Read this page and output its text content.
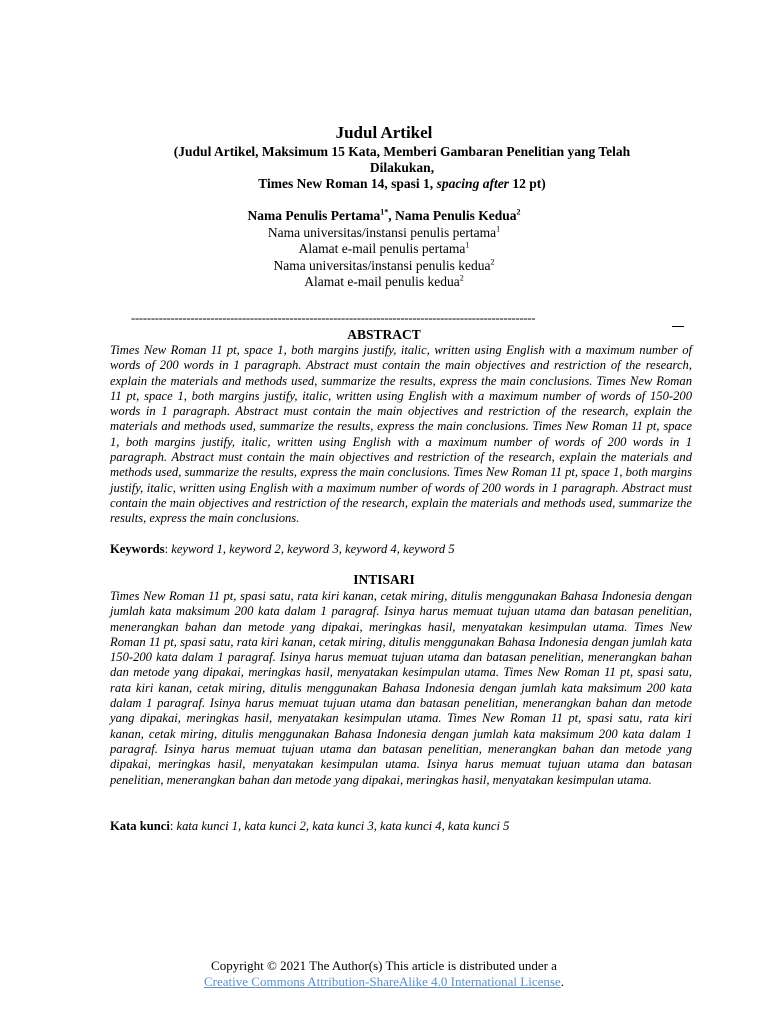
Judul Artikel
(Judul Artikel, Maksimum 15 Kata, Memberi Gambaran Penelitian yang Telah
Dilakukan,
Times New Roman 14, spasi 1, spacing after 12 pt)
Nama Penulis Pertama$^{1*}$, Nama Penulis Kedua$^2$
Nama universitas/instansi penulis pertama$^1$
Alamat e-mail penulis pertama$^1$
Nama universitas/instansi penulis kedua$^2$
Alamat e-mail penulis kedua$^2$
------------------------------------------------------------------------------------------------------
ABSTRACT
Times New Roman 11 pt, space 1, both margins justify, italic, written using English with a maximum number of words of 200 words in 1 paragraph. Abstract must contain the main objectives and restriction of the research, explain the materials and methods used, summarize the results, express the main conclusions. Times New Roman 11 pt, space 1, both margins justify, italic, written using English with a maximum number of words of 150-200 words in 1 paragraph. Abstract must contain the main objectives and restriction of the research, explain the materials and methods used, summarize the results, express the main conclusions. Times New Roman 11 pt, space 1, both margins justify, italic, written using English with a maximum number of words of 200 words in 1 paragraph. Abstract must contain the main objectives and restriction of the research, explain the materials and methods used, summarize the results, express the main conclusions. Times New Roman 11 pt, space 1, both margins justify, italic, written using English with a maximum number of words of 200 words in 1 paragraph. Abstract must contain the main objectives and restriction of the research, explain the materials and methods used, summarize the results, express the main conclusions.
Keywords: keyword 1, keyword 2, keyword 3, keyword 4, keyword 5
INTISARI
Times New Roman 11 pt, spasi satu, rata kiri kanan, cetak miring, ditulis menggunakan Bahasa Indonesia dengan jumlah kata maksimum 200 kata dalam 1 paragraf. Isinya harus memuat tujuan utama dan batasan penelitian, menerangkan bahan dan metode yang dipakai, meringkas hasil, menyatakan kesimpulan utama. Times New Roman 11 pt, spasi satu, rata kiri kanan, cetak miring, ditulis menggunakan Bahasa Indonesia dengan jumlah kata 150-200 kata dalam 1 paragraf. Isinya harus memuat tujuan utama dan batasan penelitian, menerangkan bahan dan metode yang dipakai, meringkas hasil, menyatakan kesimpulan utama. Times New Roman 11 pt, spasi satu, rata kiri kanan, cetak miring, ditulis menggunakan Bahasa Indonesia dengan jumlah kata maksimum 200 kata dalam 1 paragraf. Isinya harus memuat tujuan utama dan batasan penelitian, menerangkan bahan dan metode yang dipakai, meringkas hasil, menyatakan kesimpulan utama. Times New Roman 11 pt, spasi satu, rata kiri kanan, cetak miring, ditulis menggunakan Bahasa Indonesia dengan jumlah kata maksimum 200 kata dalam 1 paragraf. Isinya harus memuat tujuan utama dan batasan penelitian, menerangkan bahan dan metode yang dipakai, meringkas hasil, menyatakan kesimpulan utama. Isinya harus memuat tujuan utama dan batasan penelitian, menerangkan bahan dan metode yang dipakai, meringkas hasil, menyatakan kesimpulan utama.
Kata kunci: kata kunci 1, kata kunci 2, kata kunci 3, kata kunci 4, kata kunci 5
Copyright © 2021 The Author(s) This article is distributed under a
Creative Commons Attribution-ShareAlike 4.0 International License.
